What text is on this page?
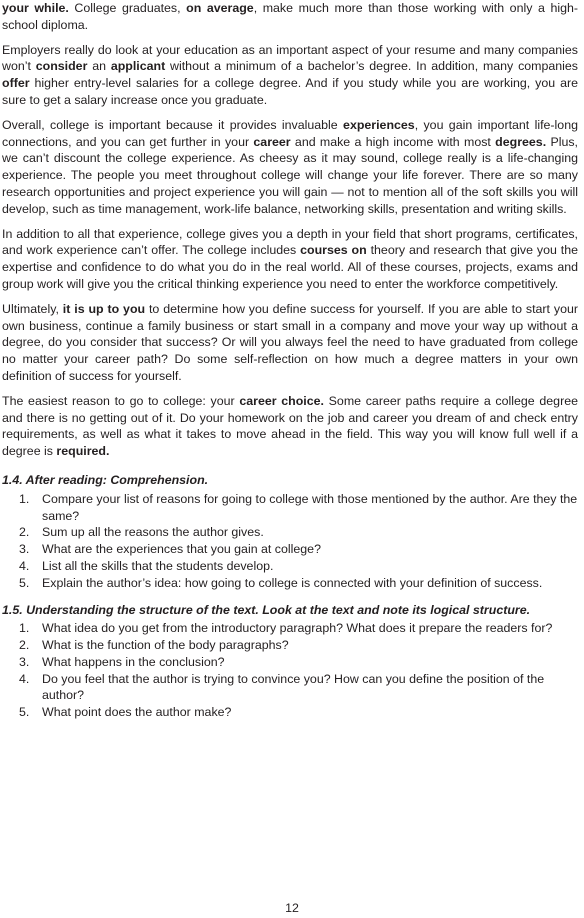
your while. College graduates, on average, make much more than those working with only a high-school diploma.

Employers really do look at your education as an important aspect of your resume and many companies won’t consider an applicant without a minimum of a bachelor’s degree. In addition, many companies offer higher entry-level salaries for a college degree. And if you study while you are working, you are sure to get a salary increase once you graduate.

Overall, college is important because it provides invaluable experiences, you gain important life-long connections, and you can get further in your career and make a high income with most degrees. Plus, we can’t discount the college experience. As cheesy as it may sound, college really is a life-changing experience. The people you meet throughout college will change your life forever. There are so many research opportunities and project experience you will gain — not to mention all of the soft skills you will develop, such as time management, work-life balance, networking skills, presentation and writing skills.

In addition to all that experience, college gives you a depth in your field that short programs, certificates, and work experience can’t offer. The college includes courses on theory and research that give you the expertise and confidence to do what you do in the real world. All of these courses, projects, exams and group work will give you the critical thinking experience you need to enter the workforce competitively.

Ultimately, it is up to you to determine how you define success for yourself. If you are able to start your own business, continue a family business or start small in a company and move your way up without a degree, do you consider that success? Or will you always feel the need to have graduated from college no matter your career path? Do some self-reflection on how much a degree matters in your own definition of success for yourself.

The easiest reason to go to college: your career choice. Some career paths require a college degree and there is no getting out of it. Do your homework on the job and career you dream of and check entry requirements, as well as what it takes to move ahead in the field. This way you will know full well if a degree is required.

1.4. After reading: Comprehension.
1. Compare your list of reasons for going to college with those mentioned by the author. Are they the same?
2. Sum up all the reasons the author gives.
3. What are the experiences that you gain at college?
4. List all the skills that the students develop.
5. Explain the author’s idea: how going to college is connected with your definition of success.
1.5. Understanding the structure of the text. Look at the text and note its logical structure.
1. What idea do you get from the introductory paragraph? What does it prepare the readers for?
2. What is the function of the body paragraphs?
3. What happens in the conclusion?
4. Do you feel that the author is trying to convince you? How can you define the position of the author?
5. What point does the author make?
12
